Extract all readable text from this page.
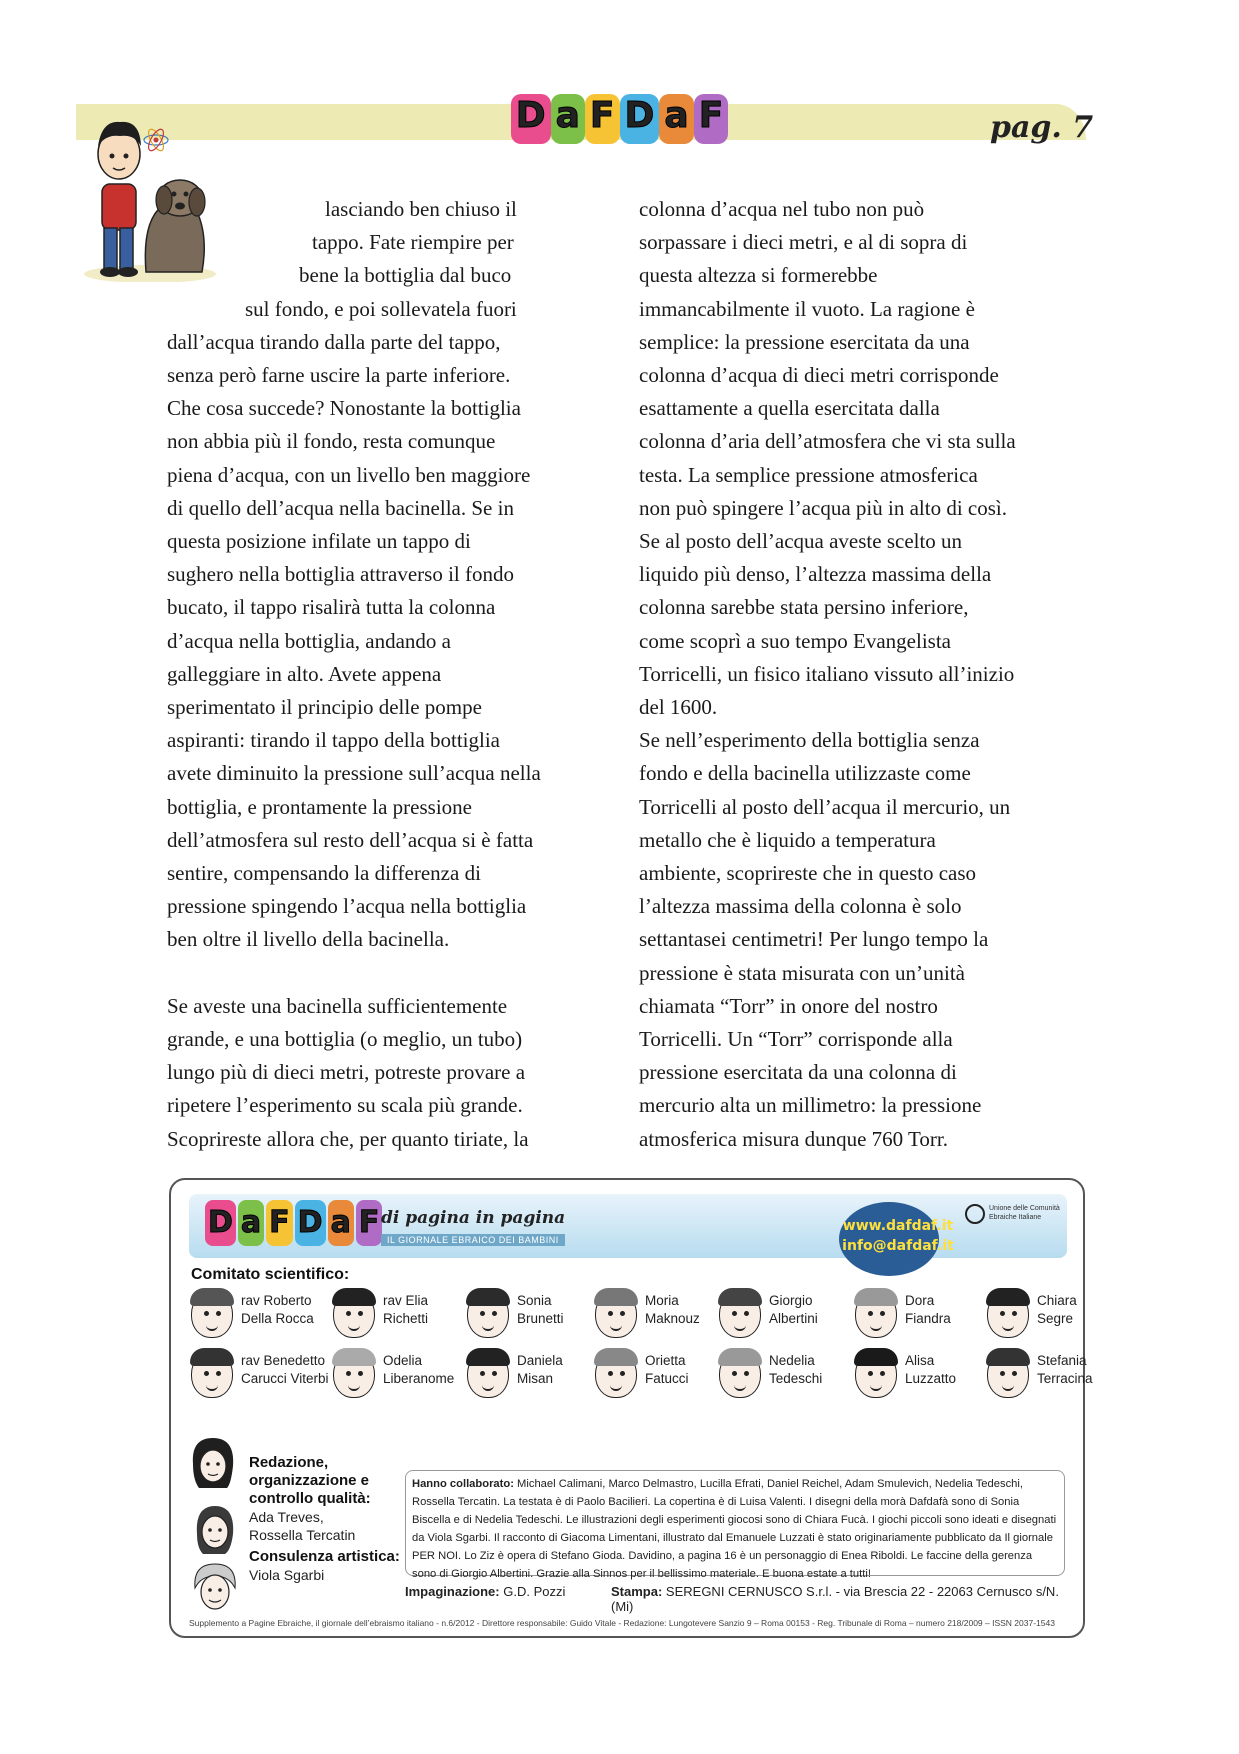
D a F D a F	pag. 7
lasciando ben chiuso il
tappo. Fate riempire per
bene la bottiglia dal buco
sul fondo, e poi sollevatela fuori
dall’acqua tirando dalla parte del tappo,
senza però farne uscire la parte inferiore.
Che cosa succede? Nonostante la bottiglia
non abbia più il fondo, resta comunque
piena d’acqua, con un livello ben maggiore
di quello dell’acqua nella bacinella. Se in
questa posizione infilate un tappo di
sughero nella bottiglia attraverso il fondo
bucato, il tappo risalirà tutta la colonna
d’acqua nella bottiglia, andando a
galleggiare in alto. Avete appena
sperimentato il principio delle pompe
aspiranti: tirando il tappo della bottiglia
avete diminuito la pressione sull’acqua nella
bottiglia, e prontamente la pressione
dell’atmosfera sul resto dell’acqua si è fatta
sentire, compensando la differenza di
pressione spingendo l’acqua nella bottiglia
ben oltre il livello della bacinella.

Se aveste una bacinella sufficientemente
grande, e una bottiglia (o meglio, un tubo)
lungo più di dieci metri, potreste provare a
ripetere l’esperimento su scala più grande.
Scoprireste allora che, per quanto tiriate, la
colonna d’acqua nel tubo non può
sorpassare i dieci metri, e al di sopra di
questa altezza si formerebbe
immancabilmente il vuoto. La ragione è
semplice: la pressione esercitata da una
colonna d’acqua di dieci metri corrisponde
esattamente a quella esercitata dalla
colonna d’aria dell’atmosfera che vi sta sulla
testa. La semplice pressione atmosferica
non può spingere l’acqua più in alto di così.
Se al posto dell’acqua aveste scelto un
liquido più denso, l’altezza massima della
colonna sarebbe stata persino inferiore,
come scoprì a suo tempo Evangelista
Torricelli, un fisico italiano vissuto all’inizio
del 1600.
Se nell’esperimento della bottiglia senza
fondo e della bacinella utilizzaste come
Torricelli al posto dell’acqua il mercurio, un
metallo che è liquido a temperatura
ambiente, scoprireste che in questo caso
l’altezza massima della colonna è solo
settantasei centimetri! Per lungo tempo la
pressione è stata misurata con un’unità
chiamata “Torr” in onore del nostro
Torricelli. Un “Torr” corrisponde alla
pressione esercitata da una colonna di
mercurio alta un millimetro: la pressione
atmosferica misura dunque 760 Torr.
D a F D a F di pagina in pagina
IL GIORNALE EBRAICO DEI BAMBINI
www.dafdaf.it
info@dafdaf.it
Unione delle Comunità Ebraiche Italiane
Comitato scientifico:
rav Roberto
Della Rocca
rav Elia
Richetti
Sonia
Brunetti
Moria
Maknouz
Giorgio
Albertini
Dora
Fiandra
Chiara
Segre
rav Benedetto
Carucci Viterbi
Odelia
Liberanome
Daniela
Misan
Orietta
Fatucci
Nedelia
Tedeschi
Alisa
Luzzatto
Stefania
Terracina
Redazione, organizzazione e controllo qualità:
Ada Treves,
Rossella Tercatin
Consulenza artistica:
Viola Sgarbi
Hanno collaborato: Michael Calimani, Marco Delmastro, Lucilla Efrati, Daniel Reichel, Adam Smulevich, Nedelia Tedeschi, Rossella Tercatin. La testata è di Paolo Bacilieri. La copertina è di Luisa Valenti. I disegni della morà Dafdafà sono di Sonia Biscella e di Nedelia Tedeschi. Le illustrazioni degli esperimenti giocosi sono di Chiara Fucà. I giochi piccoli sono ideati e disegnati da Viola Sgarbi. Il racconto di Giacoma Limentani, illustrato dal Emanuele Luzzati è stato originariamente pubblicato da Il giornale PER NOI. Lo Ziz è opera di Stefano Gioda. Davidino, a pagina 16 è un personaggio di Enea Riboldi. Le faccine della gerenza sono di Giorgio Albertini. Grazie alla Sinnos per il bellissimo materiale. E buona estate a tutti!
Impaginazione: G.D. Pozzi	Stampa: SEREGNI CERNUSCO S.r.l. - via Brescia 22 - 22063 Cernusco s/N. (Mi)
Supplemento a Pagine Ebraiche, il giornale dell’ebraismo italiano - n.6/2012 - Direttore responsabile: Guido Vitale - Redazione: Lungotevere Sanzio 9 – Roma 00153 - Reg. Tribunale di Roma – numero 218/2009 – ISSN 2037-1543
